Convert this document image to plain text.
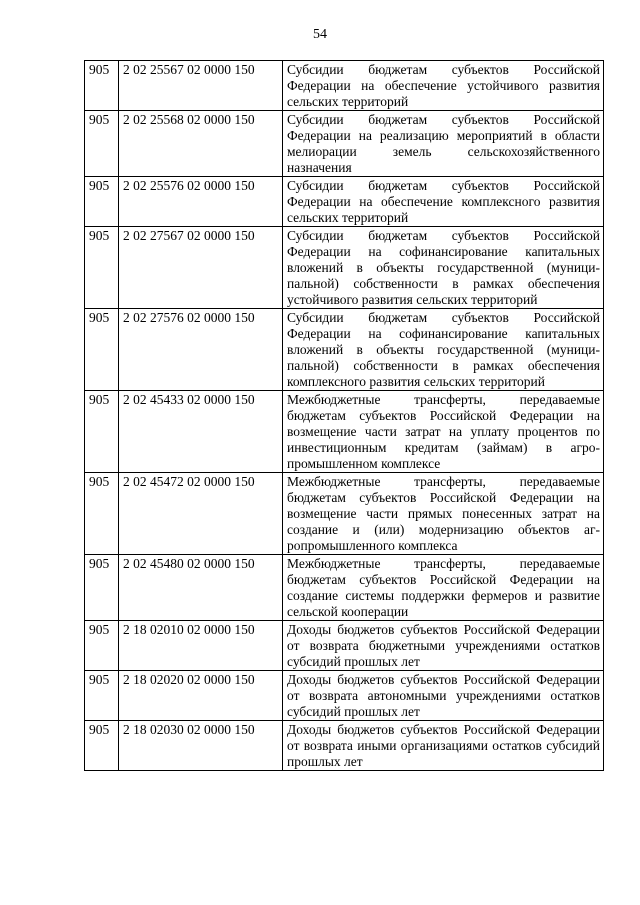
54
905	2 02 25567 02 0000 150	Субсидии бюджетам субъектов Российской Федерации на обеспечение устойчивого развития сельских территорий
905	2 02 25568 02 0000 150	Субсидии бюджетам субъектов Российской Федерации на реализацию мероприятий в области мелиорации земель сельскохозяйственного назначения
905	2 02 25576 02 0000 150	Субсидии бюджетам субъектов Российской Федерации на обеспечение комплексного развития сельских территорий
905	2 02 27567 02 0000 150	Субсидии бюджетам субъектов Российской Федерации на софинансирование капитальных вложений в объекты государственной (муниципальной) собственности в рамках обеспечения устойчивого развития сельских территорий
905	2 02 27576 02 0000 150	Субсидии бюджетам субъектов Российской Федерации на софинансирование капитальных вложений в объекты государственной (муниципальной) собственности в рамках обеспечения комплексного развития сельских территорий
905	2 02 45433 02 0000 150	Межбюджетные трансферты, передаваемые бюджетам субъектов Российской Федерации на возмещение части затрат на уплату процентов по инвестиционным кредитам (займам) в агропромышленном комплексе
905	2 02 45472 02 0000 150	Межбюджетные трансферты, передаваемые бюджетам субъектов Российской Федерации на возмещение части прямых понесенных затрат на создание и (или) модернизацию объектов агропромышленного комплекса
905	2 02 45480 02 0000 150	Межбюджетные трансферты, передаваемые бюджетам субъектов Российской Федерации на создание системы поддержки фермеров и развитие сельской кооперации
905	2 18 02010 02 0000 150	Доходы бюджетов субъектов Российской Федерации от возврата бюджетными учреждениями остатков субсидий прошлых лет
905	2 18 02020 02 0000 150	Доходы бюджетов субъектов Российской Федерации от возврата автономными учреждениями остатков субсидий прошлых лет
905	2 18 02030 02 0000 150	Доходы бюджетов субъектов Российской Федерации от возврата иными организациями остатков субсидий прошлых лет
